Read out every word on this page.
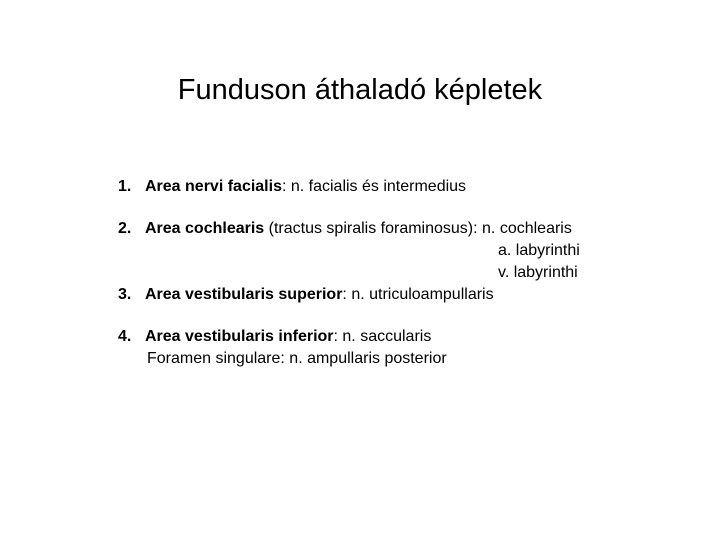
Funduson áthaladó képletek
1. Area nervi facialis: n. facialis és intermedius
2. Area cochlearis (tractus spiralis foraminosus): n. cochlearis
a. labyrinthi
v. labyrinthi
3. Area vestibularis superior: n. utriculoampullaris
4. Area vestibularis inferior: n. saccularis
Foramen singulare: n. ampullaris posterior
